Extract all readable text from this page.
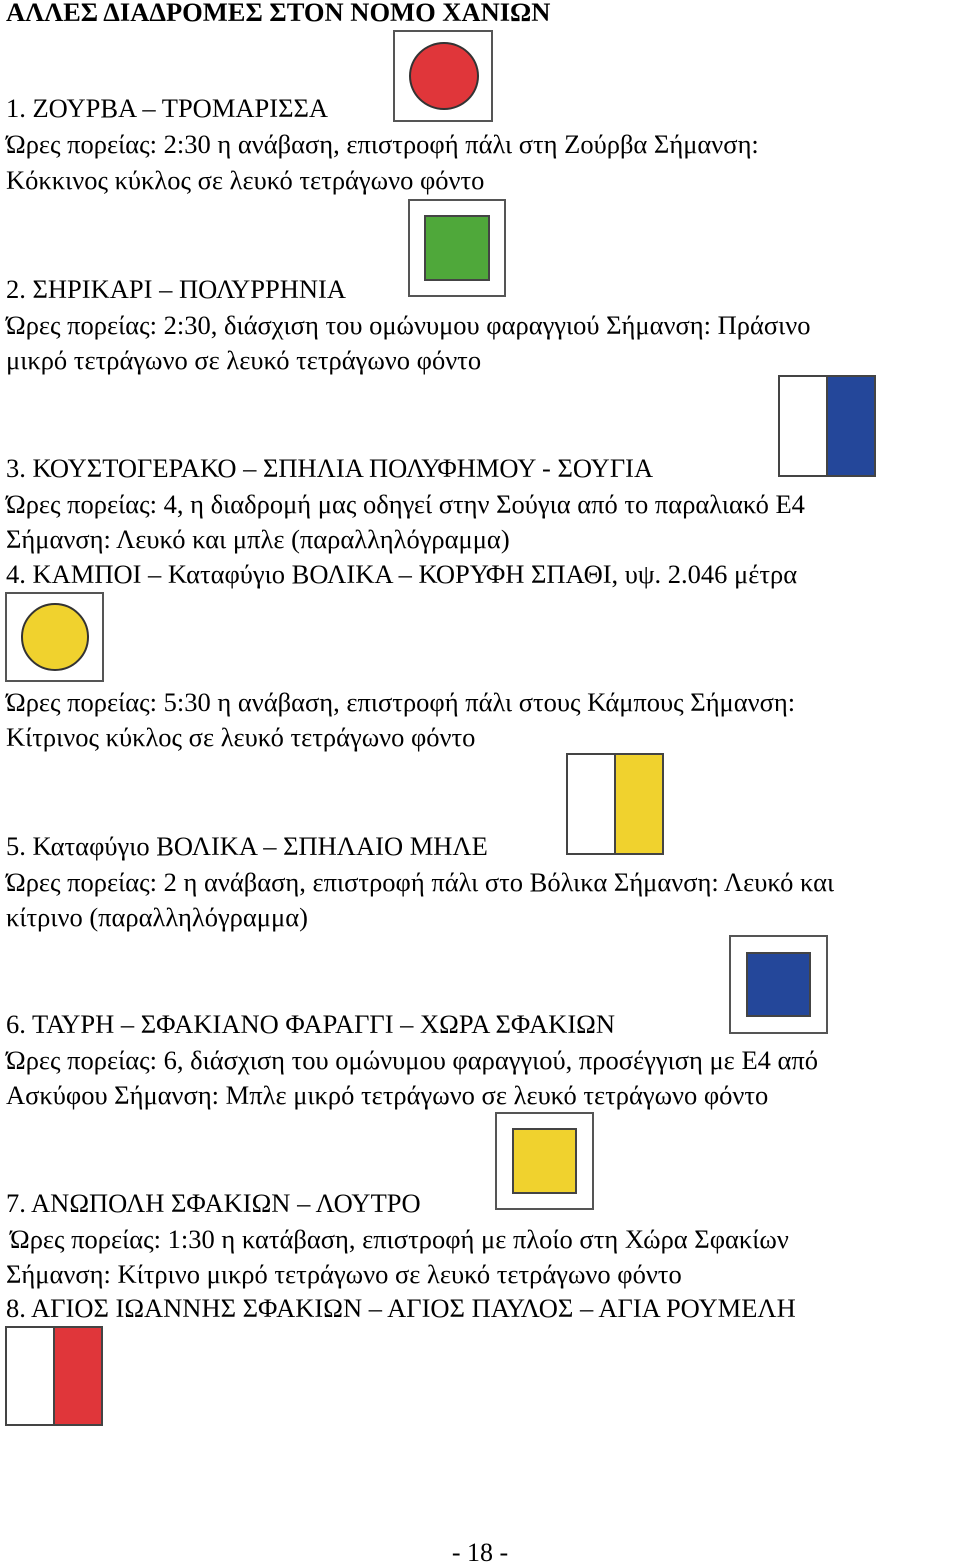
ΑΛΛΕΣ ΔΙΑΔΡΟΜΕΣ ΣΤΟΝ ΝΟΜΟ ΧΑΝΙΩΝ
1. ΖΟΥΡΒΑ – ΤΡΟΜΑΡΙΣΣΑ
Ώρες πορείας: 2:30 η ανάβαση, επιστροφή πάλι στη Ζούρβα Σήμανση:
Κόκκινος κύκλος σε λευκό τετράγωνο φόντο
2. ΣΗΡΙΚΑΡΙ – ΠΟΛΥΡΡΗΝΙΑ
Ώρες πορείας: 2:30, διάσχιση του ομώνυμου φαραγγιού Σήμανση: Πράσινο
μικρό τετράγωνο σε λευκό τετράγωνο φόντο
3. ΚΟΥΣΤΟΓΕΡΑΚΟ – ΣΠΗΛΙΑ ΠΟΛΥΦΗΜΟΥ - ΣΟΥΓΙΑ
Ώρες πορείας: 4, η διαδρομή μας οδηγεί στην Σούγια από το παραλιακό Ε4
Σήμανση: Λευκό και μπλε (παραλληλόγραμμα)
4. ΚΑΜΠΟΙ – Καταφύγιο ΒΟΛΙΚΑ – ΚΟΡΥΦΗ ΣΠΑΘΙ, υψ. 2.046 μέτρα
Ώρες πορείας: 5:30 η ανάβαση, επιστροφή πάλι στους Κάμπους Σήμανση:
Κίτρινος κύκλος σε λευκό τετράγωνο φόντο
5. Καταφύγιο ΒΟΛΙΚΑ – ΣΠΗΛΑΙΟ ΜΗΛΕ
Ώρες πορείας: 2 η ανάβαση, επιστροφή πάλι στο Βόλικα Σήμανση: Λευκό και
κίτρινο (παραλληλόγραμμα)
6. ΤΑΥΡΗ – ΣΦΑΚΙΑΝΟ ΦΑΡΑΓΓΙ – ΧΩΡΑ ΣΦΑΚΙΩΝ
Ώρες πορείας: 6, διάσχιση του ομώνυμου φαραγγιού, προσέγγιση με Ε4 από
Ασκύφου Σήμανση: Μπλε μικρό τετράγωνο σε λευκό τετράγωνο φόντο
7. ΑΝΩΠΟΛΗ ΣΦΑΚΙΩΝ – ΛΟΥΤΡΟ
Ώρες πορείας: 1:30 η κατάβαση, επιστροφή με πλοίο στη Χώρα Σφακίων
Σήμανση: Κίτρινο μικρό τετράγωνο σε λευκό τετράγωνο φόντο
8. ΑΓΙΟΣ ΙΩΑΝΝΗΣ ΣΦΑΚΙΩΝ – ΑΓΙΟΣ ΠΑΥΛΟΣ – ΑΓΙΑ ΡΟΥΜΕΛΗ
- 18 -
